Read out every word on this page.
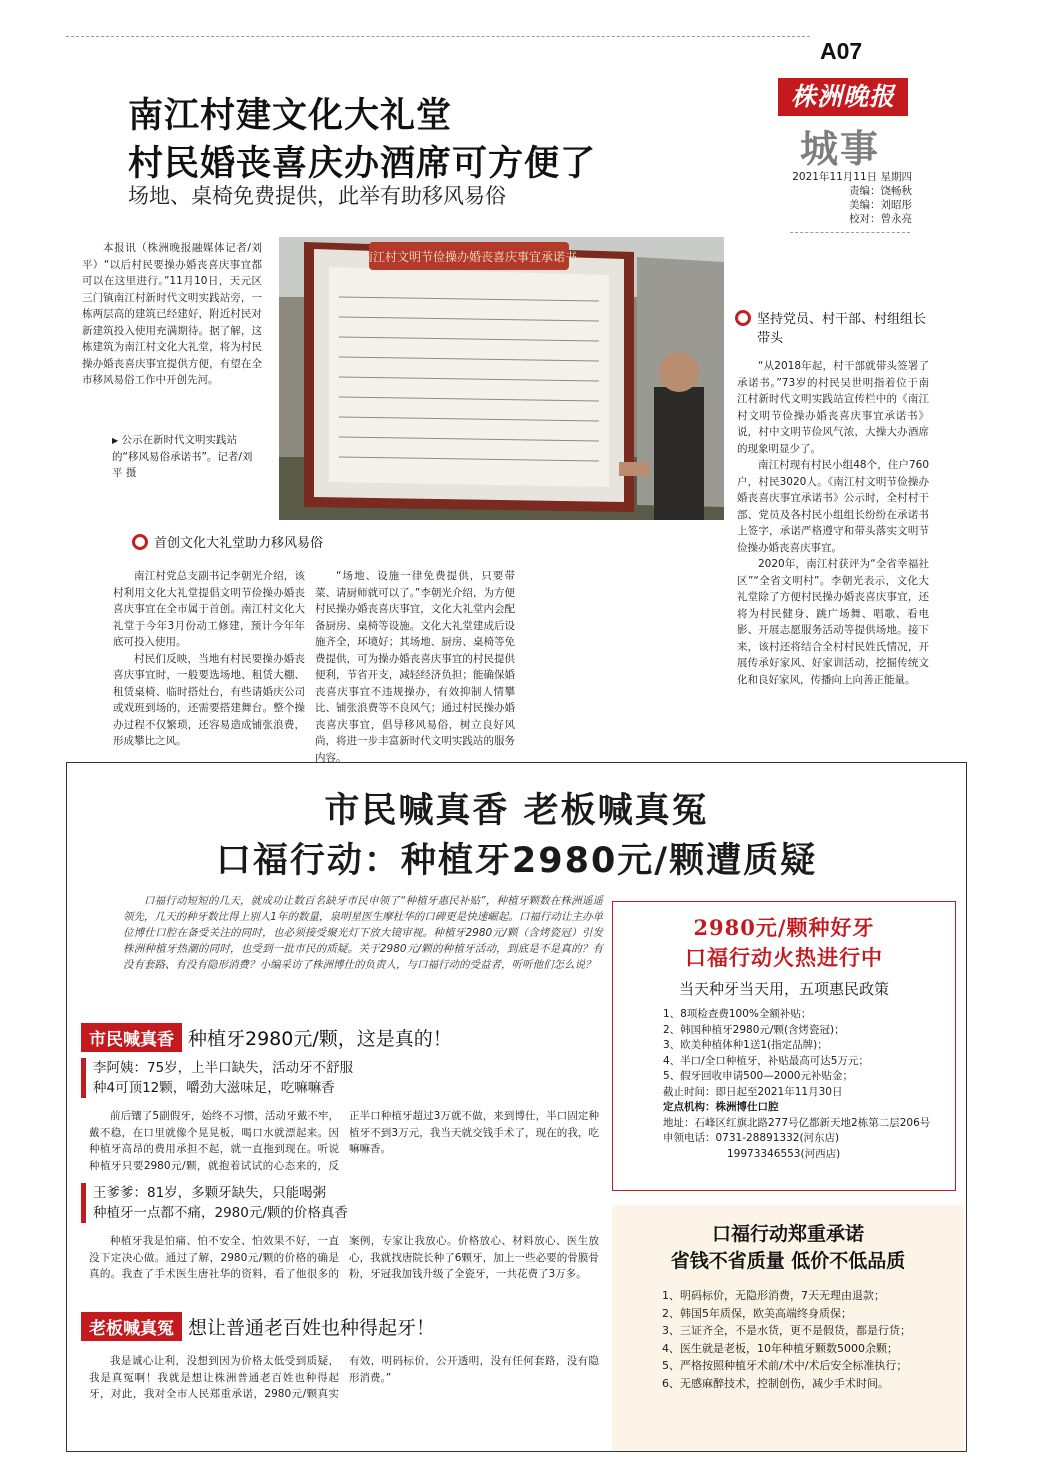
A07
株洲晚报
城事
2021年11月11日 星期四
责编：饶畅秋
美编：刘昭彤
校对：曾永亮
南江村建文化大礼堂
村民婚丧喜庆办酒席可方便了
场地、桌椅免费提供，此举有助移风易俗

本报讯（株洲晚报融媒体记者/刘平）“以后村民要操办婚丧喜庆事宜都可以在这里进行。”11月10日，天元区三门镇南江村新时代文明实践站旁，一栋两层高的建筑已经建好，附近村民对新建筑投入使用充满期待。据了解，这栋建筑为南江村文化大礼堂，将为村民操办婚丧喜庆事宜提供方便，有望在全市移风易俗工作中开创先河。

南江村文明节俭操办婚丧喜庆事宜承诺书
▶ 公示在新时代文明实践站的“移风易俗承诺书”。记者/刘平 摄
首创文化大礼堂助力移风易俗

南江村党总支副书记李朝光介绍，该村利用文化大礼堂提倡文明节俭操办婚丧喜庆事宜在全市属于首创。南江村文化大礼堂于今年3月份动工修建，预计今年年底可投入使用。

村民们反映，当地有村民要操办婚丧喜庆事宜时，一般要选场地、租赁大棚、租赁桌椅、临时搭灶台，有些请婚庆公司或戏班到场的，还需要搭建舞台。整个操办过程不仅繁琐，还容易造成铺张浪费，形成攀比之风。

“场地、设施一律免费提供，只要带菜、请厨师就可以了。”李朝光介绍，为方便村民操办婚丧喜庆事宜，文化大礼堂内会配备厨房、桌椅等设施。文化大礼堂建成后设施齐全，环境好；其场地、厨房、桌椅等免费提供，可为操办婚丧喜庆事宜的村民提供便利，节省开支，减轻经济负担；能确保婚丧喜庆事宜不违规操办，有效抑制人情攀比、铺张浪费等不良风气；通过村民操办婚丧喜庆事宜，倡导移风易俗，树立良好风尚，将进一步丰富新时代文明实践站的服务内容。

坚持党员、村干部、村组组长带头

“从2018年起，村干部就带头签署了承诺书。”73岁的村民吴世明指着位于南江村新时代文明实践站宣传栏中的《南江村文明节俭操办婚丧喜庆事宜承诺书》说，村中文明节俭风气浓，大操大办酒席的现象明显少了。

南江村现有村民小组48个，住户760户，村民3020人。《南江村文明节俭操办婚丧喜庆事宜承诺书》公示时，全村村干部、党员及各村民小组组长纷纷在承诺书上签字，承诺严格遵守和带头落实文明节俭操办婚丧喜庆事宜。

2020年，南江村获评为“全省幸福社区”“全省文明村”。李朝光表示，文化大礼堂除了方便村民操办婚丧喜庆事宜，还将为村民健身、跳广场舞、唱歌、看电影、开展志愿服务活动等提供场地。接下来，该村还将结合全村村民姓氏情况，开展传承好家风、好家训活动，挖掘传统文化和良好家风，传播向上向善正能量。

市民喊真香 老板喊真冤
口福行动：种植牙2980元/颗遭质疑

口福行动短短的几天，就成功让数百名缺牙市民申领了“种植牙惠民补贴”，种植牙颗数在株洲遥遥领先，几天的种牙数比得上别人1年的数量，泉明星医生摩杜华的口碑更是快速崛起。口福行动让主办单位博仕口腔在备受关注的同时，也必须接受聚光灯下放大镜审视。种植牙2980元/颗（含烤瓷冠）引发株洲种植牙热潮的同时，也受到一批市民的质疑。关于2980元/颗的种植牙活动，到底是不是真的？有没有套路、有没有隐形消费？小编采访了株洲博仕的负责人，与口福行动的受益者，听听他们怎么说？

市民喊真香 种植牙2980元/颗，这是真的！
李阿姨：75岁，上半口缺失，活动牙不舒服
种4可顶12颗，嚼劲大滋味足，吃嘛嘛香

前后镶了5副假牙，始终不习惯，活动牙戴不牢，戴不稳，在口里就像个晃晃板，喝口水就漂起来。因种植牙高昂的费用承担不起，就一直拖到现在。听说种植牙只要2980元/颗，就抱着试试的心态来的，反正半口种植牙超过3万就不做，来到博仕，半口固定种植牙不到3万元，我当天就交钱手术了，现在的我，吃嘛嘛香。

王爹爹：81岁，多颗牙缺失，只能喝粥
种植牙一点都不痛，2980元/颗的价格真香

种植牙我是怕痛、怕不安全、怕效果不好，一直没下定决心做。通过了解，2980元/颗的价格的确是真的。我查了手术医生唐社华的资料，看了他很多的案例，专家让我放心。价格放心、材料放心、医生放心，我就找唐院长种了6颗牙，加上一些必要的骨膜骨粉，牙冠我加钱升级了全瓷牙，一共花费了3万多。

老板喊真冤 想让普通老百姓也种得起牙！

我是诚心让利，没想到因为价格太低受到质疑，我是真冤啊！我就是想让株洲普通老百姓也种得起牙，对此，我对全市人民郑重承诺，2980元/颗真实有效，明码标价，公开透明，没有任何套路，没有隐形消费。”

2980元/颗种好牙
口福行动火热进行中
当天种牙当天用，五项惠民政策
1、8项检查费100%全额补贴；
2、韩国种植牙2980元/颗(含烤瓷冠)；
3、欧美种植体种1送1(指定品牌)；
4、半口/全口种植牙，补贴最高可达5万元；
5、假牙回收申请500—2000元补贴金；
截止时间：即日起至2021年11月30日
定点机构：株洲博仕口腔
地址：石峰区红旗北路277号亿都新天地2栋第二层206号
申领电话：0731-28891332(河东店)
19973346553(河西店)
口福行动郑重承诺
省钱不省质量 低价不低品质
1、明码标价，无隐形消费，7天无理由退款；
2、韩国5年质保，欧美高端终身质保；
3、三证齐全，不是水货，更不是假货，都是行货；
4、医生就是老板，10年种植牙颗数5000余颗；
5、严格按照种植牙术前/术中/术后安全标准执行；
6、无感麻醉技术，控制创伤，减少手术时间。
